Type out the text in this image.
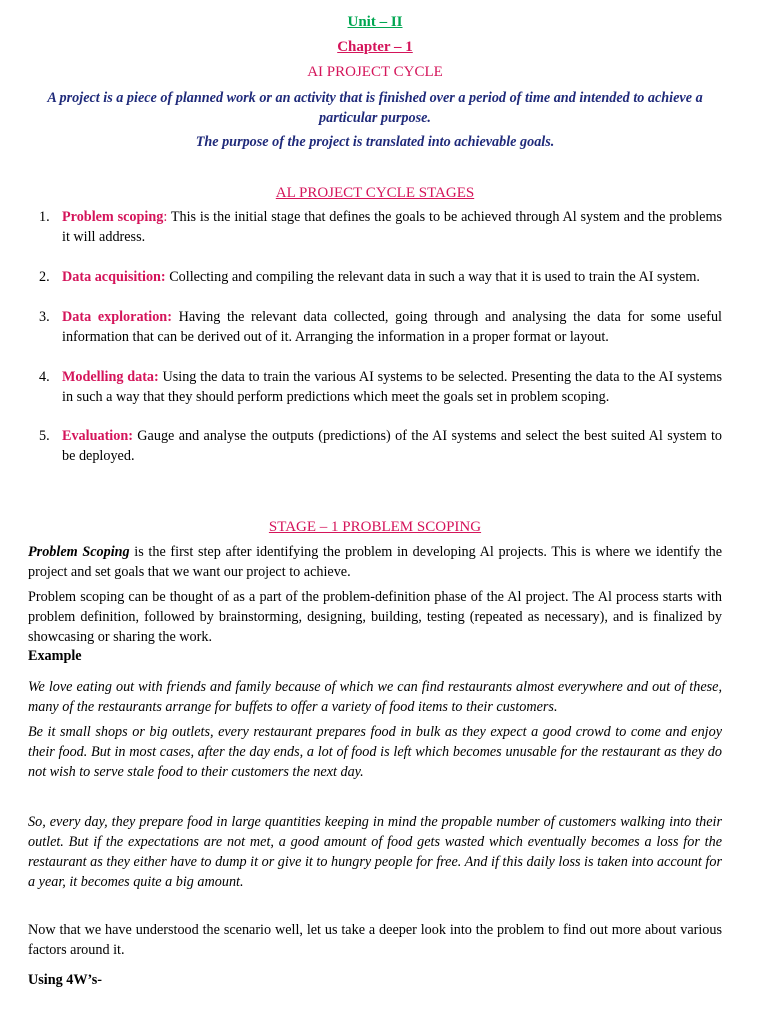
Unit – II
Chapter – 1
AI PROJECT CYCLE
A project is a piece of planned work or an activity that is finished over a period of time and intended to achieve a particular purpose.
The purpose of the project is translated into achievable goals.
AL PROJECT CYCLE STAGES
1. Problem scoping: This is the initial stage that defines the goals to be achieved through Al system and the problems it will address.
2. Data acquisition: Collecting and compiling the relevant data in such a way that it is used to train the AI system.
3. Data exploration: Having the relevant data collected, going through and analysing the data for some useful information that can be derived out of it. Arranging the information in a proper format or layout.
4. Modelling data: Using the data to train the various AI systems to be selected. Presenting the data to the AI systems in such a way that they should perform predictions which meet the goals set in problem scoping.
5. Evaluation: Gauge and analyse the outputs (predictions) of the AI systems and select the best suited Al system to be deployed.
STAGE – 1 PROBLEM SCOPING

Problem Scoping is the first step after identifying the problem in developing Al projects. This is where we identify the project and set goals that we want our project to achieve.

Problem scoping can be thought of as a part of the problem-definition phase of the Al project. The Al process starts with problem definition, followed by brainstorming, designing, building, testing (repeated as necessary), and is finalized by showcasing or sharing the work.

Example

We love eating out with friends and family because of which we can find restaurants almost everywhere and out of these, many of the restaurants arrange for buffets to offer a variety of food items to their customers.

Be it small shops or big outlets, every restaurant prepares food in bulk as they expect a good crowd to come and enjoy their food. But in most cases, after the day ends, a lot of food is left which becomes unusable for the restaurant as they do not wish to serve stale food to their customers the next day.

So, every day, they prepare food in large quantities keeping in mind the propable number of customers walking into their outlet. But if the expectations are not met, a good amount of food gets wasted which eventually becomes a loss for the restaurant as they either have to dump it or give it to hungry people for free. And if this daily loss is taken into account for a year, it becomes quite a big amount.

Now that we have understood the scenario well, let us take a deeper look into the problem to find out more about various factors around it.

Using 4W’s-
